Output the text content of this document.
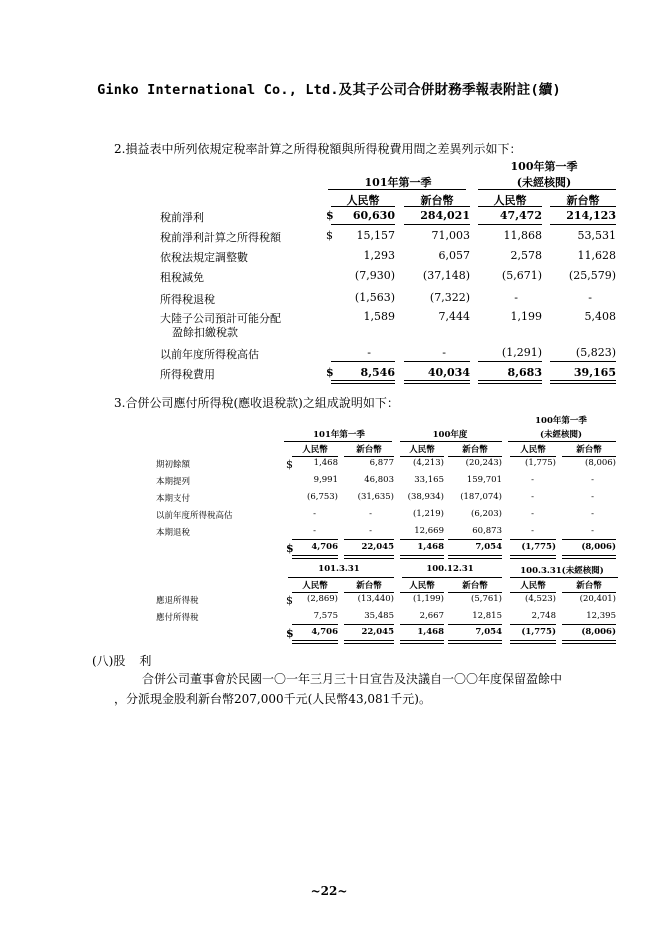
Ginko International Co., Ltd.及其子公司合併財務季報表附註(續)
2.損益表中所列依規定稅率計算之所得稅額與所得稅費用間之差異列示如下：
100年第一季
101年第一季	(未經核閱)
人民幣	新台幣	人民幣	新台幣
稅前淨利	$	60,630	284,021	47,472	214,123
稅前淨利計算之所得稅額	$	15,157	71,003	11,868	53,531
依稅法規定調整數	1,293	6,057	2,578	11,628
租稅減免	(7,930)	(37,148)	(5,671)	(25,579)
所得稅退稅	(1,563)	(7,322)	-	-
大陸子公司預計可能分配
盈餘扣繳稅款
1,589	7,444	1,199	5,408
以前年度所得稅高估	-	-	(1,291)	(5,823)
所得稅費用	$	8,546	40,034	8,683	39,165
3.合併公司應付所得稅(應收退稅款)之組成說明如下：
101年第一季	100年度
100年第一季
(未經核閱)
人民幣	新台幣	人民幣	新台幣	人民幣	新台幣
期初餘額	$	1,468	6,877	(4,213)	(20,243)	(1,775)	(8,006)
本期提列	9,991	46,803	33,165	159,701	-	-
本期支付	(6,753)	(31,635)	(38,934)	(187,074)	-	-
以前年度所得稅高估	-	-	(1,219)	(6,203)	-	-
本期退稅	-	-	12,669	60,873	-	-
$	4,706	22,045	1,468	7,054	(1,775)	(8,006)
101.3.31	100.12.31	100.3.31(未經核閱)
人民幣	新台幣	人民幣	新台幣	人民幣	新台幣
應退所得稅	$	(2,869)	(13,440)	(1,199)	(5,761)	(4,523)	(20,401)
應付所得稅	7,575	35,485	2,667	12,815	2,748	12,395
$	4,706	22,045	1,468	7,054	(1,775)	(8,006)
(八)股 利
合併公司董事會於民國一〇一年三月三十日宣告及決議自一〇〇年度保留盈餘中
，分派現金股利新台幣207,000千元(人民幣43,081千元)。
~22~
